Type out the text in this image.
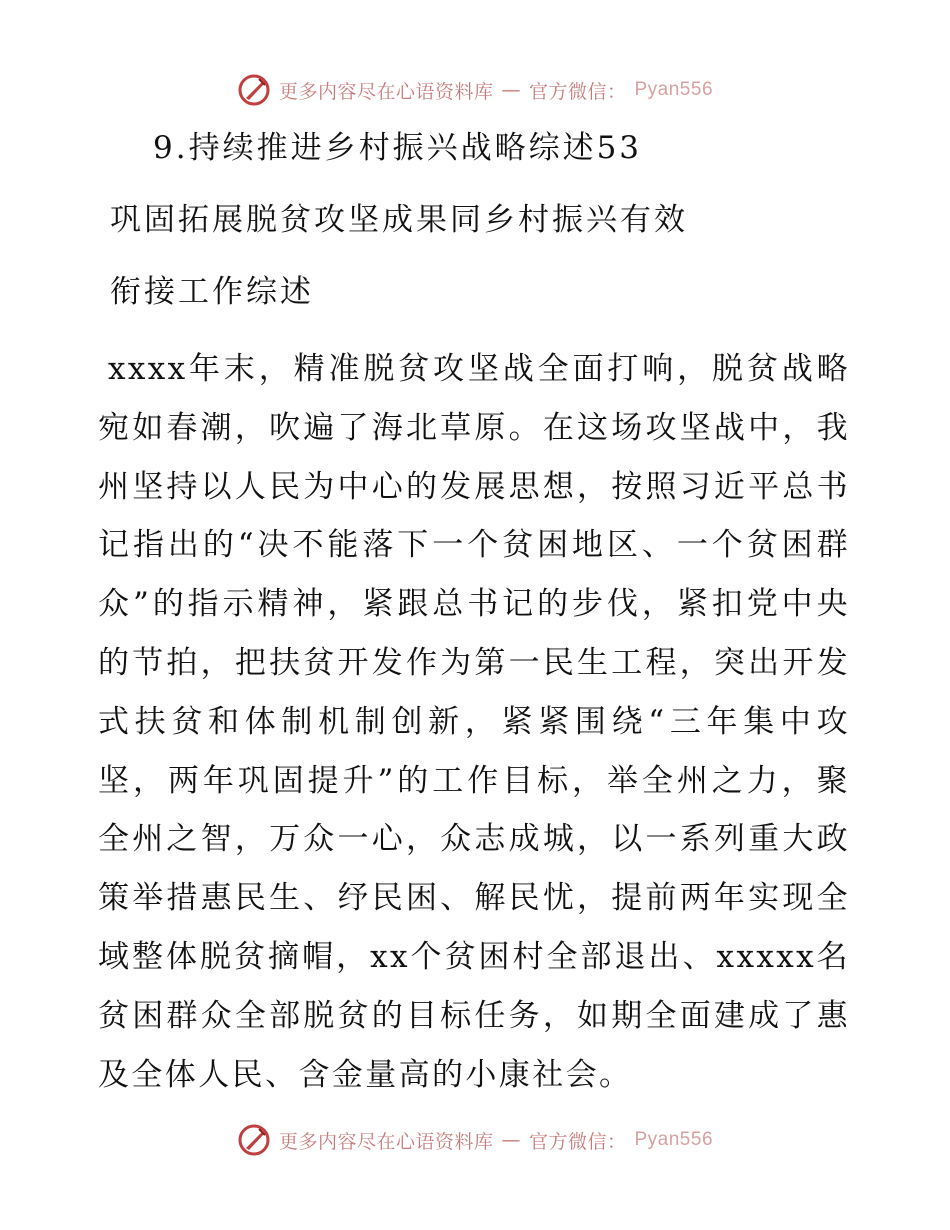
更多内容尽在心语资料库 — 官方微信： Pyan556
9.持续推进乡村振兴战略综述53
巩固拓展脱贫攻坚成果同乡村振兴有效
衔接工作综述

xxxx年末，精准脱贫攻坚战全面打响，脱贫战略宛如春潮，吹遍了海北草原。在这场攻坚战中，我州坚持以人民为中心的发展思想，按照习近平总书记指出的“决不能落下一个贫困地区、一个贫困群众”的指示精神，紧跟总书记的步伐，紧扣党中央的节拍，把扶贫开发作为第一民生工程，突出开发式扶贫和体制机制创新，紧紧围绕“三年集中攻坚，两年巩固提升”的工作目标，举全州之力，聚全州之智，万众一心，众志成城，以一系列重大政策举措惠民生、纾民困、解民忧，提前两年实现全域整体脱贫摘帽，xx个贫困村全部退出、xxxxx名贫困群众全部脱贫的目标任务，如期全面建成了惠及全体人民、含金量高的小康社会。

更多内容尽在心语资料库 — 官方微信： Pyan556
